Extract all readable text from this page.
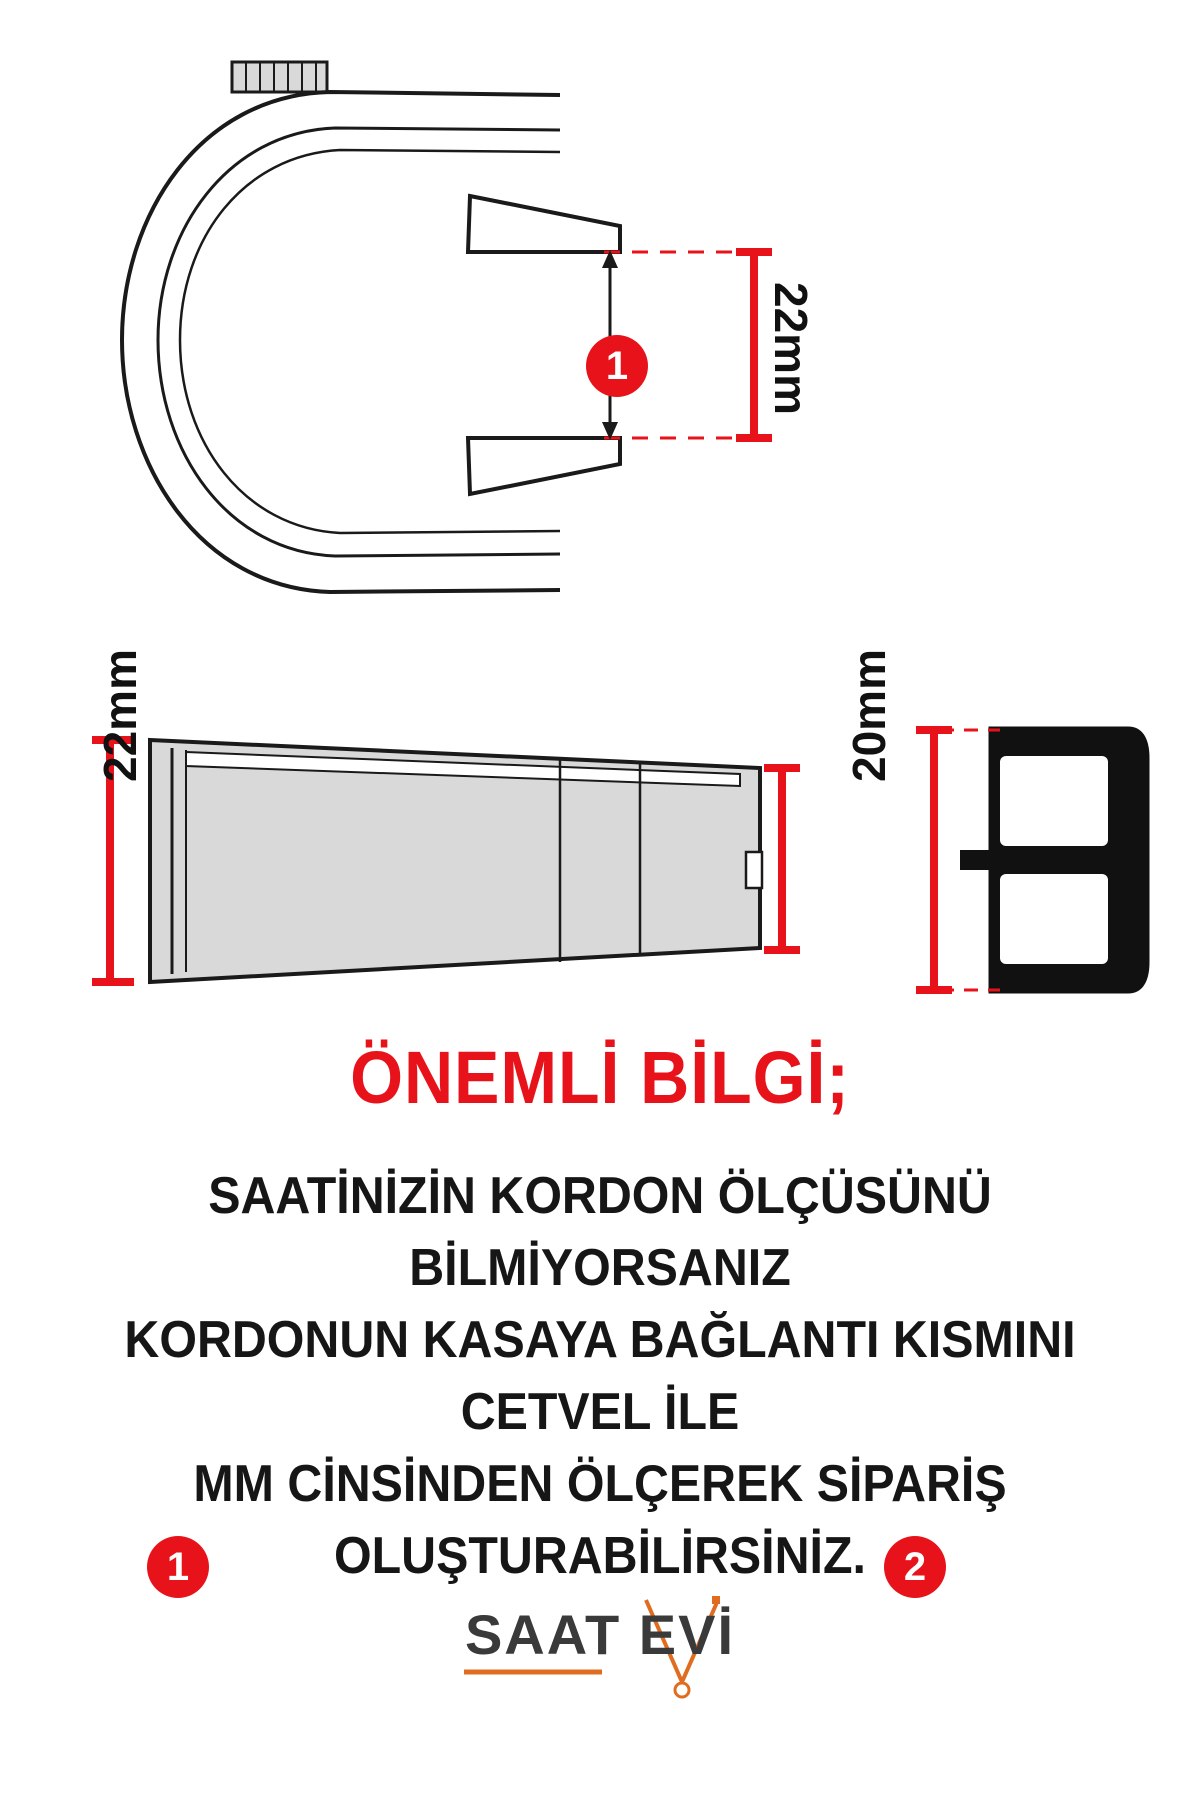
1	22mm
1	2
22mm	20mm
ÖNEMLİ BİLGİ;
SAATİNİZİN KORDON ÖLÇÜSÜNÜ BİLMİYORSANIZ
KORDONUN KASAYA BAĞLANTI KISMINI CETVEL İLE
MM CİNSİNDEN ÖLÇEREK SİPARİŞ
OLUŞTURABİLİRSİNİZ.
SAAT EVİ
